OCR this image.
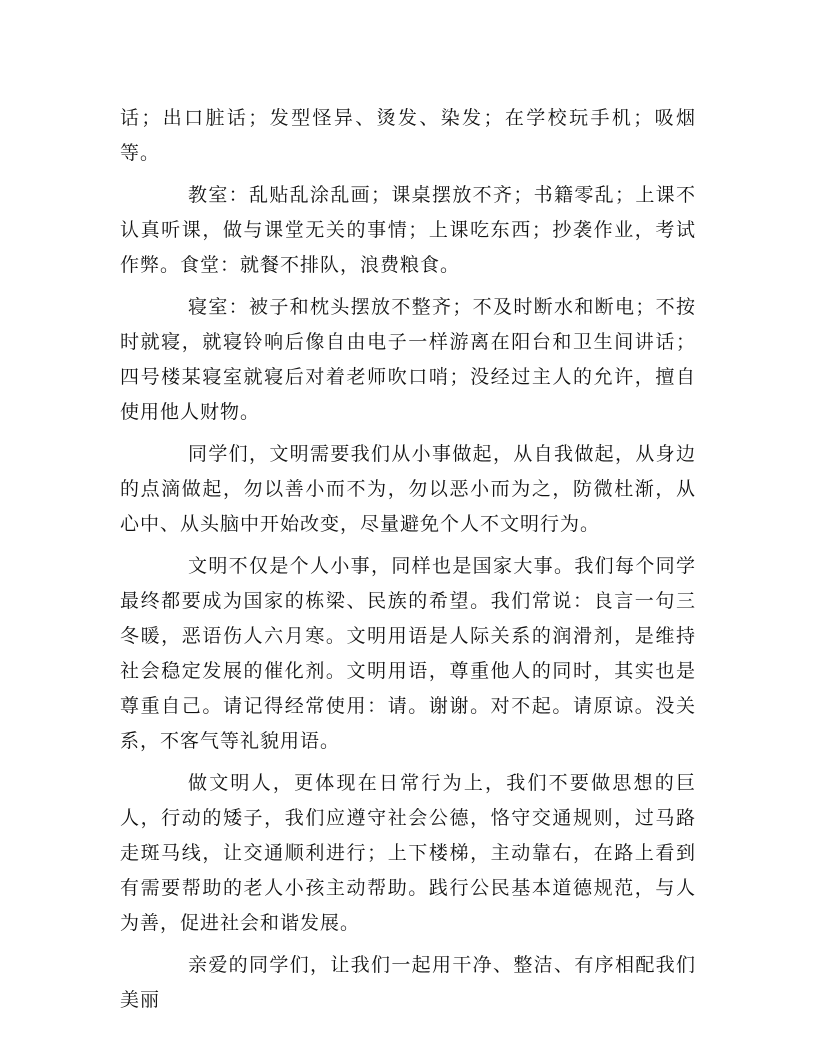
话；出口脏话；发型怪异、烫发、染发；在学校玩手机；吸烟等。

教室：乱贴乱涂乱画；课桌摆放不齐；书籍零乱；上课不认真听课，做与课堂无关的事情；上课吃东西；抄袭作业，考试作弊。食堂：就餐不排队，浪费粮食。

寝室：被子和枕头摆放不整齐；不及时断水和断电；不按时就寝，就寝铃响后像自由电子一样游离在阳台和卫生间讲话；四号楼某寝室就寝后对着老师吹口哨；没经过主人的允许，擅自使用他人财物。

同学们，文明需要我们从小事做起，从自我做起，从身边的点滴做起，勿以善小而不为，勿以恶小而为之，防微杜渐，从心中、从头脑中开始改变，尽量避免个人不文明行为。

文明不仅是个人小事，同样也是国家大事。我们每个同学最终都要成为国家的栋梁、民族的希望。我们常说：良言一句三冬暖，恶语伤人六月寒。文明用语是人际关系的润滑剂，是维持社会稳定发展的催化剂。文明用语，尊重他人的同时，其实也是尊重自己。请记得经常使用：请。谢谢。对不起。请原谅。没关系，不客气等礼貌用语。

做文明人，更体现在日常行为上，我们不要做思想的巨人，行动的矮子，我们应遵守社会公德，恪守交通规则，过马路走斑马线，让交通顺利进行；上下楼梯，主动靠右，在路上看到有需要帮助的老人小孩主动帮助。践行公民基本道德规范，与人为善，促进社会和谐发展。

亲爱的同学们，让我们一起用干净、整洁、有序相配我们美丽
